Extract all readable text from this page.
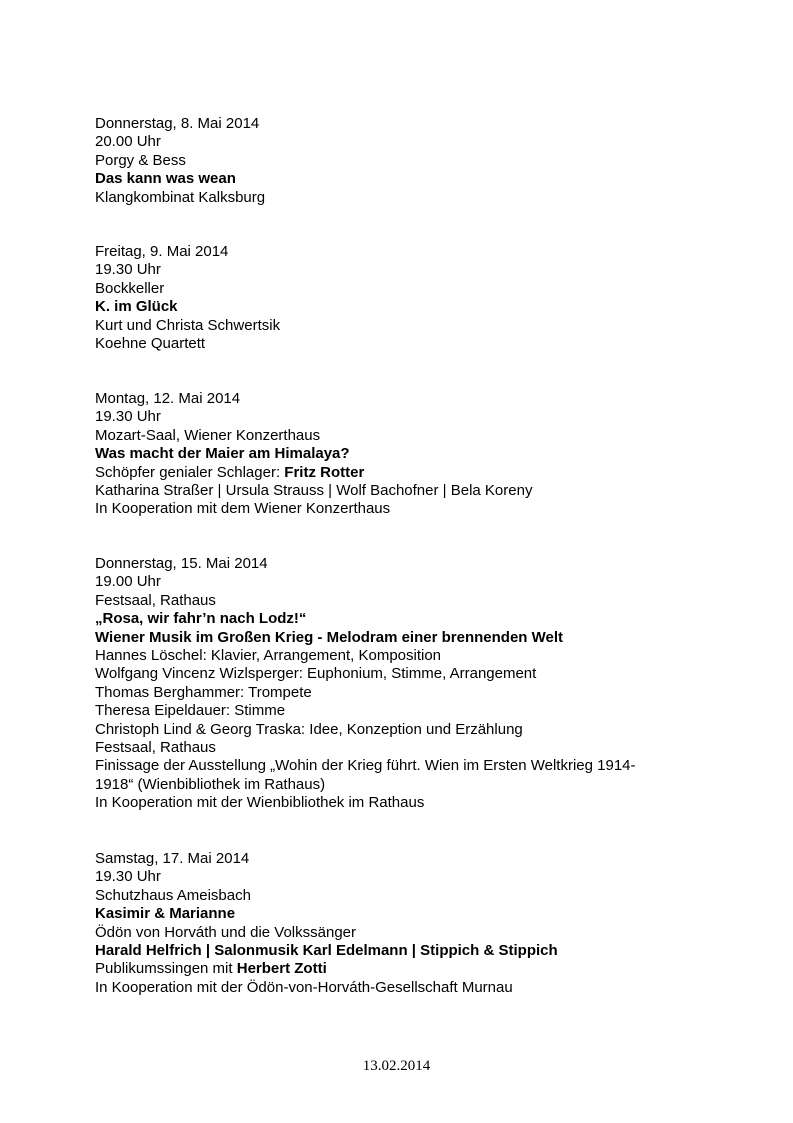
Donnerstag, 8. Mai 2014
20.00 Uhr
Porgy & Bess
Das kann was wean
Klangkombinat Kalksburg
Freitag, 9. Mai 2014
19.30 Uhr
Bockkeller
K. im Glück
Kurt und Christa Schwertsik
Koehne Quartett
Montag, 12. Mai 2014
19.30 Uhr
Mozart-Saal, Wiener Konzerthaus
Was macht der Maier am Himalaya?
Schöpfer genialer Schlager: Fritz Rotter
Katharina Straßer | Ursula Strauss | Wolf Bachofner | Bela Koreny
In Kooperation mit dem Wiener Konzerthaus
Donnerstag, 15. Mai 2014
19.00 Uhr
Festsaal, Rathaus
„Rosa, wir fahr’n nach Lodz!“
Wiener Musik im Großen Krieg - Melodram einer brennenden Welt
Hannes Löschel: Klavier, Arrangement, Komposition
Wolfgang Vincenz Wizlsperger: Euphonium, Stimme, Arrangement
Thomas Berghammer: Trompete
Theresa Eipeldauer: Stimme
Christoph Lind & Georg Traska: Idee, Konzeption und Erzählung
Festsaal, Rathaus
Finissage der Ausstellung „Wohin der Krieg führt. Wien im Ersten Weltkrieg 1914-
1918“ (Wienbibliothek im Rathaus)
In Kooperation mit der Wienbibliothek im Rathaus
Samstag, 17. Mai 2014
19.30 Uhr
Schutzhaus Ameisbach
Kasimir & Marianne
Ödön von Horváth und die Volkssänger
Harald Helfrich | Salonmusik Karl Edelmann | Stippich & Stippich
Publikumssingen mit Herbert Zotti
In Kooperation mit der Ödön-von-Horváth-Gesellschaft Murnau
13.02.2014
